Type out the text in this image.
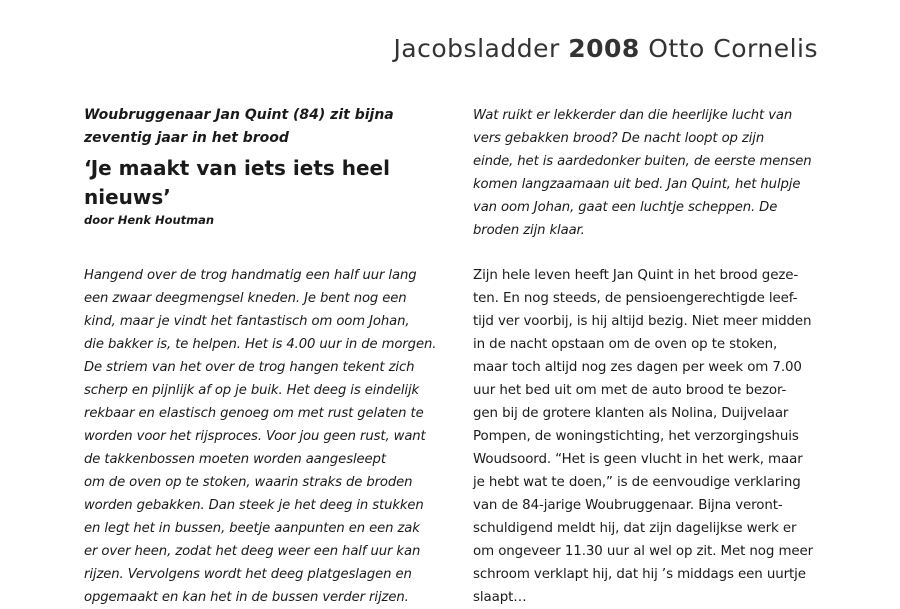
Jacobsladder 2008 Otto Cornelis

Woubruggenaar Jan Quint (84) zit bijna

zeventig jaar in het brood

‘Je maakt van iets iets heel

nieuws’

door Henk Houtman

Hangend over de trog handmatig een half uur lang
een zwaar deegmengsel kneden. Je bent nog een
kind, maar je vindt het fantastisch om oom Johan,
die bakker is, te helpen. Het is 4.00 uur in de morgen.
De striem van het over de trog hangen tekent zich
scherp en pijnlijk af op je buik. Het deeg is eindelijk
rekbaar en elastisch genoeg om met rust gelaten te
worden voor het rijsproces. Voor jou geen rust, want
de takkenbossen moeten worden aangesleept
om de oven op te stoken, waarin straks de broden
worden gebakken. Dan steek je het deeg in stukken
en legt het in bussen, beetje aanpunten en een zak
er over heen, zodat het deeg weer een half uur kan
rijzen. Vervolgens wordt het deeg platgeslagen en
opgemaakt en kan het in de bussen verder rijzen.
Wat ruikt er lekkerder dan die heerlijke lucht van
vers gebakken brood? De nacht loopt op zijn
einde, het is aardedonker buiten, de eerste mensen
komen langzaamaan uit bed. Jan Quint, het hulpje
van oom Johan, gaat een luchtje scheppen. De
broden zijn klaar.
Zijn hele leven heeft Jan Quint in het brood geze-
ten. En nog steeds, de pensioengerechtigde leef-
tijd ver voorbij, is hij altijd bezig. Niet meer midden
in de nacht opstaan om de oven op te stoken,
maar toch altijd nog zes dagen per week om 7.00
uur het bed uit om met de auto brood te bezor-
gen bij de grotere klanten als Nolina, Duijvelaar
Pompen, de woningstichting, het verzorgingshuis
Woudsoord. “Het is geen vlucht in het werk, maar
je hebt wat te doen,” is de eenvoudige verklaring
van de 84-jarige Woubruggenaar. Bijna veront-
schuldigend meldt hij, dat zijn dagelijkse werk er
om ongeveer 11.30 uur al wel op zit. Met nog meer
schroom verklapt hij, dat hij ’s middags een uurtje
slaapt…
